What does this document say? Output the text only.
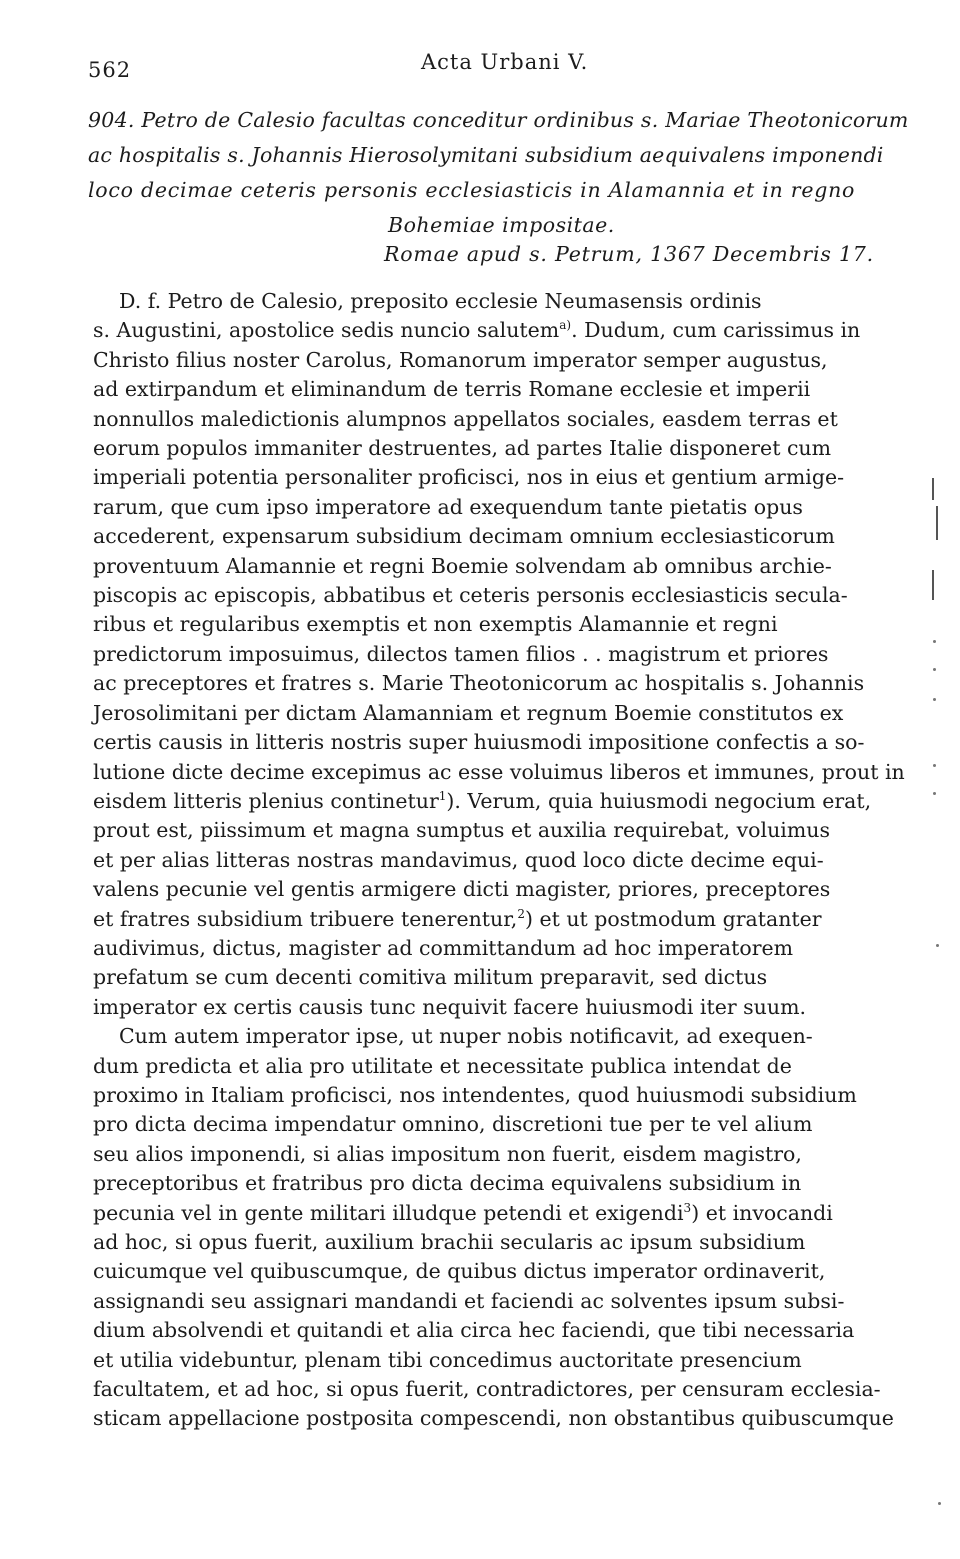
562	Acta Urbani V.
904. Petro de Calesio facultas conceditur ordinibus s. Mariae Theotonicorum
ac hospitalis s. Johannis Hierosolymitani subsidium aequivalens imponendi
loco decimae ceteris personis ecclesiasticis in Alamannia et in regno
Bohemiae impositae.
Romae apud s. Petrum, 1367 Decembris 17.
D. f. Petro de Calesio, preposito ecclesie Neumasensis ordinis
s. Augustini, apostolice sedis nuncio salutem$^{a)}$. Dudum, cum carissimus in
Christo filius noster Carolus, Romanorum imperator semper augustus,
ad extirpandum et eliminandum de terris Romane ecclesie et imperii
nonnullos maledictionis alumpnos appellatos sociales, easdem terras et
eorum populos immaniter destruentes, ad partes Italie disponeret cum
imperiali potentia personaliter proficisci, nos in eius et gentium armige-
rarum, que cum ipso imperatore ad exequendum tante pietatis opus
accederent, expensarum subsidium decimam omnium ecclesiasticorum
proventuum Alamannie et regni Boemie solvendam ab omnibus archie-
piscopis ac episcopis, abbatibus et ceteris personis ecclesiasticis secula-
ribus et regularibus exemptis et non exemptis Alamannie et regni
predictorum imposuimus, dilectos tamen filios . . magistrum et priores
ac preceptores et fratres s. Marie Theotonicorum ac hospitalis s. Johannis
Jerosolimitani per dictam Alamanniam et regnum Boemie constitutos ex
certis causis in litteris nostris super huiusmodi impositione confectis a so-
lutione dicte decime excepimus ac esse voluimus liberos et immunes, prout in
eisdem litteris plenius continetur$^1$). Verum, quia huiusmodi negocium erat,
prout est, piissimum et magna sumptus et auxilia requirebat, voluimus
et per alias litteras nostras mandavimus, quod loco dicte decime equi-
valens pecunie vel gentis armigere dicti magister, priores, preceptores
et fratres subsidium tribuere tenerentur,$^2$) et ut postmodum gratanter
audivimus, dictus, magister ad committandum ad hoc imperatorem
prefatum se cum decenti comitiva militum preparavit, sed dictus
imperator ex certis causis tunc nequivit facere huiusmodi iter suum.
Cum autem imperator ipse, ut nuper nobis notificavit, ad exequen-
dum predicta et alia pro utilitate et necessitate publica intendat de
proximo in Italiam proficisci, nos intendentes, quod huiusmodi subsidium
pro dicta decima impendatur omnino, discretioni tue per te vel alium
seu alios imponendi, si alias impositum non fuerit, eisdem magistro,
preceptoribus et fratribus pro dicta decima equivalens subsidium in
pecunia vel in gente militari illudque petendi et exigendi$^3$) et invocandi
ad hoc, si opus fuerit, auxilium brachii secularis ac ipsum subsidium
cuicumque vel quibuscumque, de quibus dictus imperator ordinaverit,
assignandi seu assignari mandandi et faciendi ac solventes ipsum subsi-
dium absolvendi et quitandi et alia circa hec faciendi, que tibi necessaria
et utilia videbuntur, plenam tibi concedimus auctoritate presencium
facultatem, et ad hoc, si opus fuerit, contradictores, per censuram ecclesia-
sticam appellacione postposita compescendi, non obstantibus quibuscumque
